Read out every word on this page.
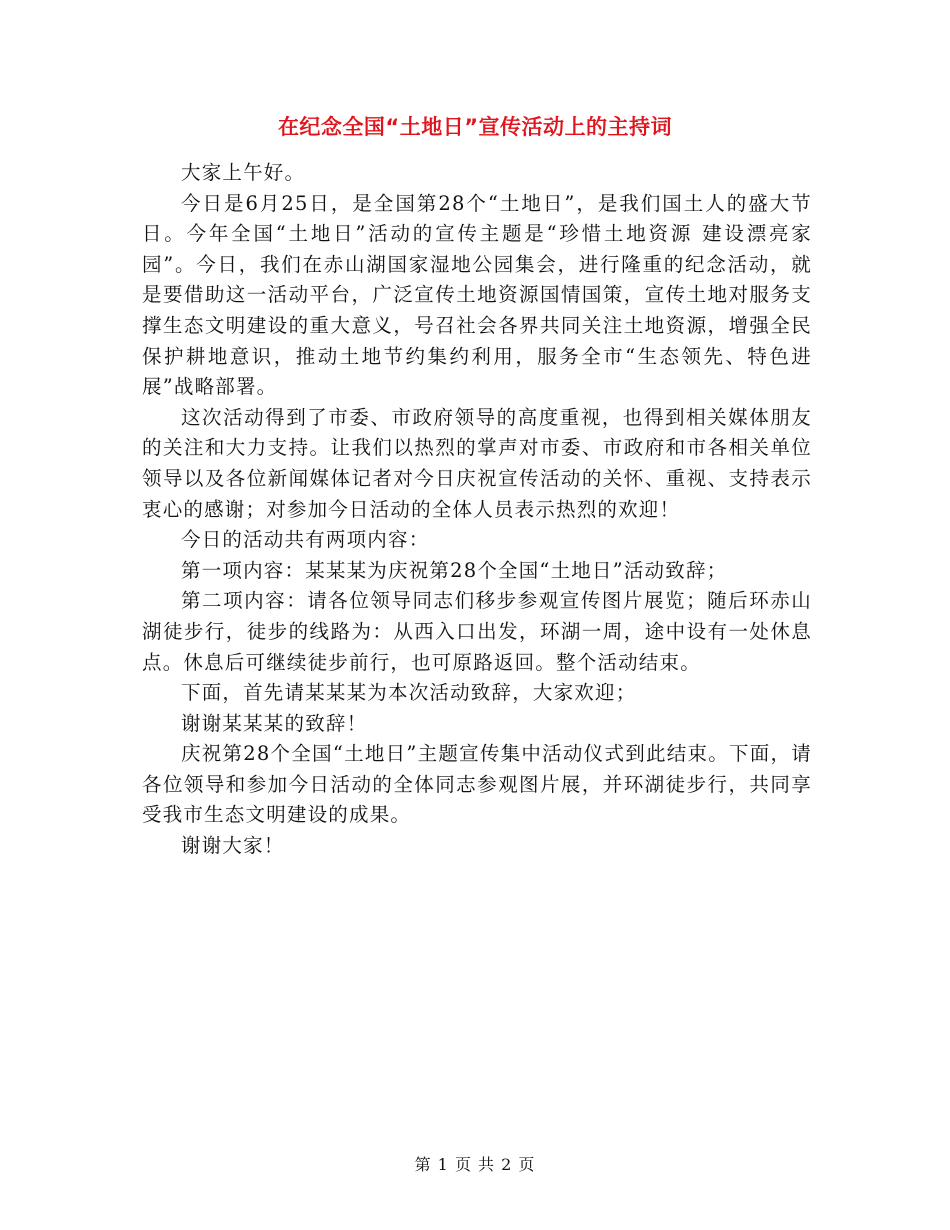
在纪念全国“土地日”宣传活动上的主持词

大家上午好。

今日是6月25日，是全国第28个“土地日”，是我们国土人的盛大节日。今年全国“土地日”活动的宣传主题是“珍惜土地资源 建设漂亮家园”。今日，我们在赤山湖国家湿地公园集会，进行隆重的纪念活动，就是要借助这一活动平台，广泛宣传土地资源国情国策，宣传土地对服务支撑生态文明建设的重大意义，号召社会各界共同关注土地资源，增强全民保护耕地意识，推动土地节约集约利用，服务全市“生态领先、特色进展”战略部署。

这次活动得到了市委、市政府领导的高度重视，也得到相关媒体朋友的关注和大力支持。让我们以热烈的掌声对市委、市政府和市各相关单位领导以及各位新闻媒体记者对今日庆祝宣传活动的关怀、重视、支持表示衷心的感谢；对参加今日活动的全体人员表示热烈的欢迎！

今日的活动共有两项内容：

第一项内容：某某某为庆祝第28个全国“土地日”活动致辞；

第二项内容：请各位领导同志们移步参观宣传图片展览；随后环赤山湖徒步行，徒步的线路为：从西入口出发，环湖一周，途中设有一处休息点。休息后可继续徒步前行，也可原路返回。整个活动结束。

下面，首先请某某某为本次活动致辞，大家欢迎；

谢谢某某某的致辞！

庆祝第28个全国“土地日”主题宣传集中活动仪式到此结束。下面，请各位领导和参加今日活动的全体同志参观图片展，并环湖徒步行，共同享受我市生态文明建设的成果。

谢谢大家！

第 1 页 共 2 页
